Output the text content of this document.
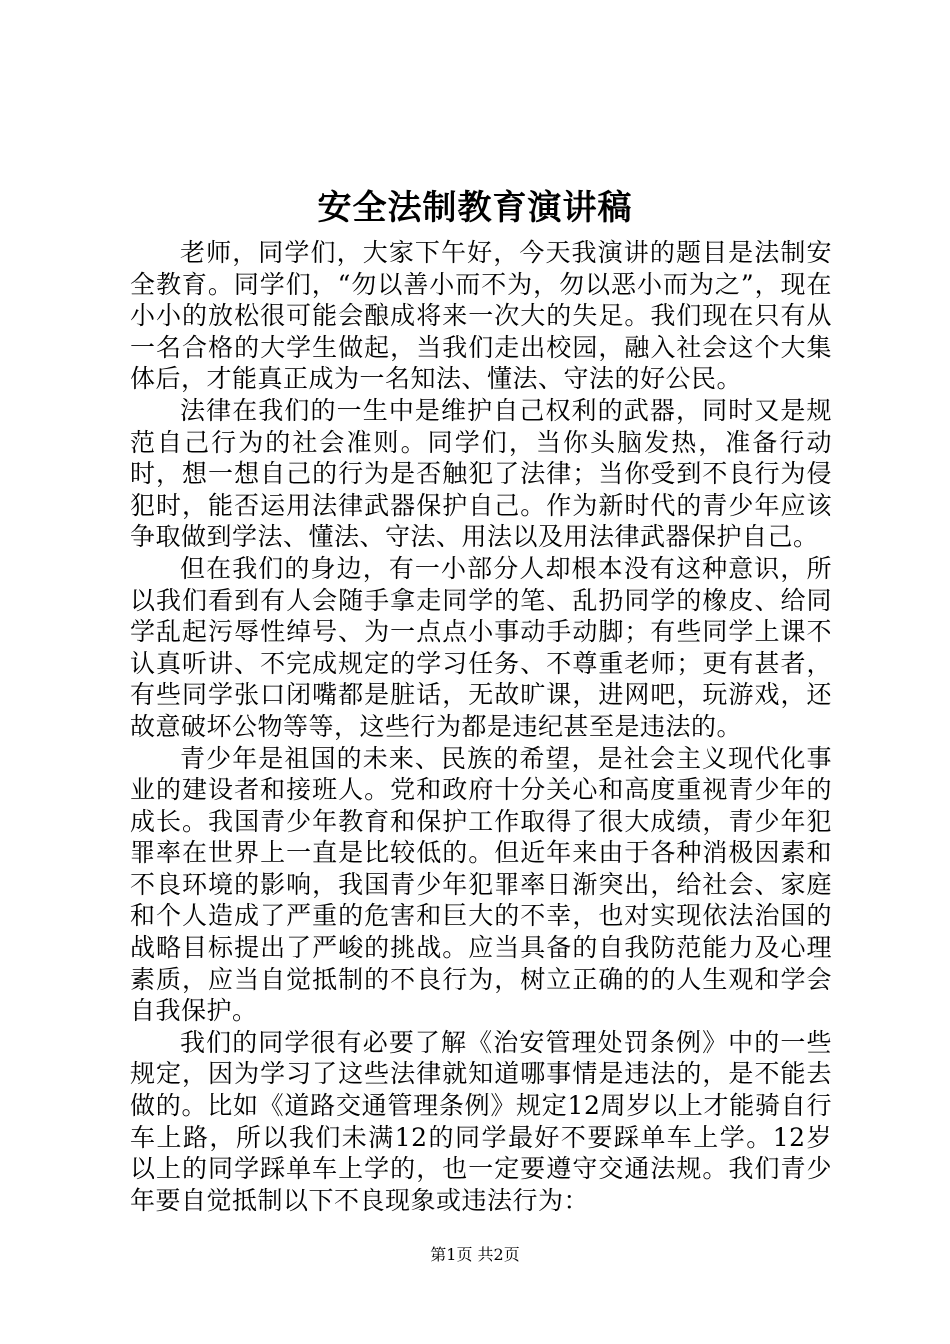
安全法制教育演讲稿

老师，同学们，大家下午好，今天我演讲的题目是法制安全教育。同学们，“勿以善小而不为，勿以恶小而为之”，现在小小的放松很可能会酿成将来一次大的失足。我们现在只有从一名合格的大学生做起，当我们走出校园，融入社会这个大集体后，才能真正成为一名知法、懂法、守法的好公民。

法律在我们的一生中是维护自己权利的武器，同时又是规范自己行为的社会准则。同学们，当你头脑发热，准备行动时，想一想自己的行为是否触犯了法律；当你受到不良行为侵犯时，能否运用法律武器保护自己。作为新时代的青少年应该争取做到学法、懂法、守法、用法以及用法律武器保护自己。

但在我们的身边，有一小部分人却根本没有这种意识，所以我们看到有人会随手拿走同学的笔、乱扔同学的橡皮、给同学乱起污辱性绰号、为一点点小事动手动脚；有些同学上课不认真听讲、不完成规定的学习任务、不尊重老师；更有甚者，有些同学张口闭嘴都是脏话，无故旷课，进网吧，玩游戏，还故意破坏公物等等，这些行为都是违纪甚至是违法的。

青少年是祖国的未来、民族的希望，是社会主义现代化事业的建设者和接班人。党和政府十分关心和高度重视青少年的成长。我国青少年教育和保护工作取得了很大成绩，青少年犯罪率在世界上一直是比较低的。但近年来由于各种消极因素和不良环境的影响，我国青少年犯罪率日渐突出，给社会、家庭和个人造成了严重的危害和巨大的不幸，也对实现依法治国的战略目标提出了严峻的挑战。应当具备的自我防范能力及心理素质，应当自觉抵制的不良行为，树立正确的的人生观和学会自我保护。

我们的同学很有必要了解《治安管理处罚条例》中的一些规定，因为学习了这些法律就知道哪事情是违法的，是不能去做的。比如《道路交通管理条例》规定12周岁以上才能骑自行车上路，所以我们未满12的同学最好不要踩单车上学。12岁以上的同学踩单车上学的，也一定要遵守交通法规。我们青少年要自觉抵制以下不良现象或违法行为：

第1页 共2页
